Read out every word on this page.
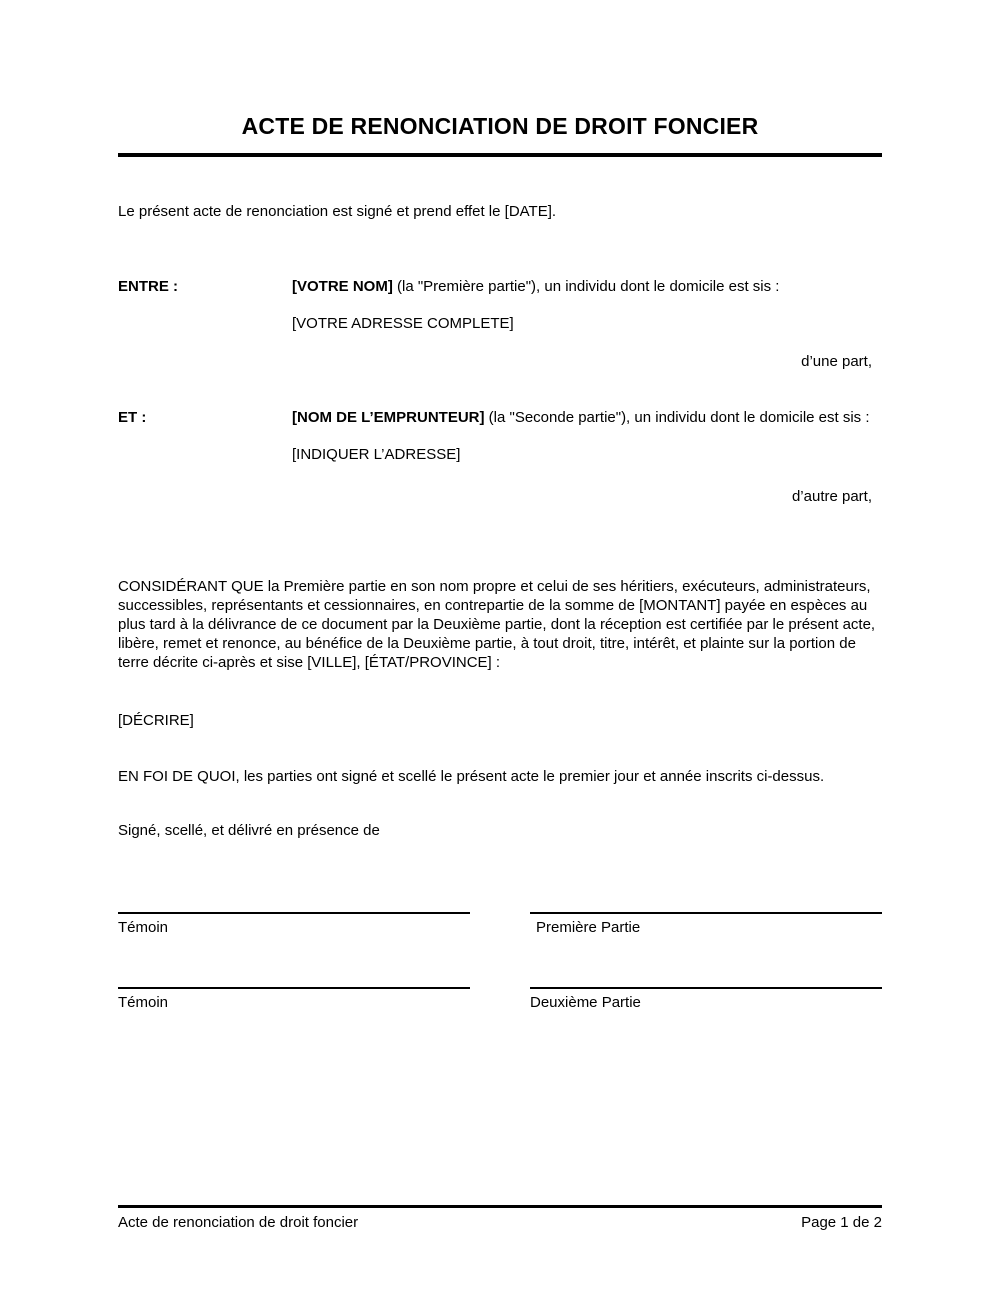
ACTE DE RENONCIATION DE DROIT FONCIER

Le présent acte de renonciation est signé et prend effet le [DATE].

ENTRE :	[VOTRE NOM] (la "Première partie"), un individu dont le domicile est sis :
[VOTRE ADRESSE COMPLETE]
d’une part,
ET :	[NOM DE L’EMPRUNTEUR] (la "Seconde partie"), un individu dont le domicile est sis :
[INDIQUER L’ADRESSE]
d’autre part,

CONSIDÉRANT QUE la Première partie en son nom propre et celui de ses héritiers, exécuteurs, administrateurs, successibles, représentants et cessionnaires, en contrepartie de la somme de [MONTANT] payée en espèces au plus tard à la délivrance de ce document par la Deuxième partie, dont la réception est certifiée par le présent acte, libère, remet et renonce, au bénéfice de la Deuxième partie, à tout droit, titre, intérêt, et plainte sur la portion de terre décrite ci-après et sise [VILLE], [ÉTAT/PROVINCE] :

[DÉCRIRE]

EN FOI DE QUOI, les parties ont signé et scellé le présent acte le premier jour et année inscrits ci-dessus.

Signé, scellé, et délivré en présence de

Témoin	Première Partie
Témoin	Deuxième Partie
Acte de renonciation de droit foncier	Page 1 de 2
